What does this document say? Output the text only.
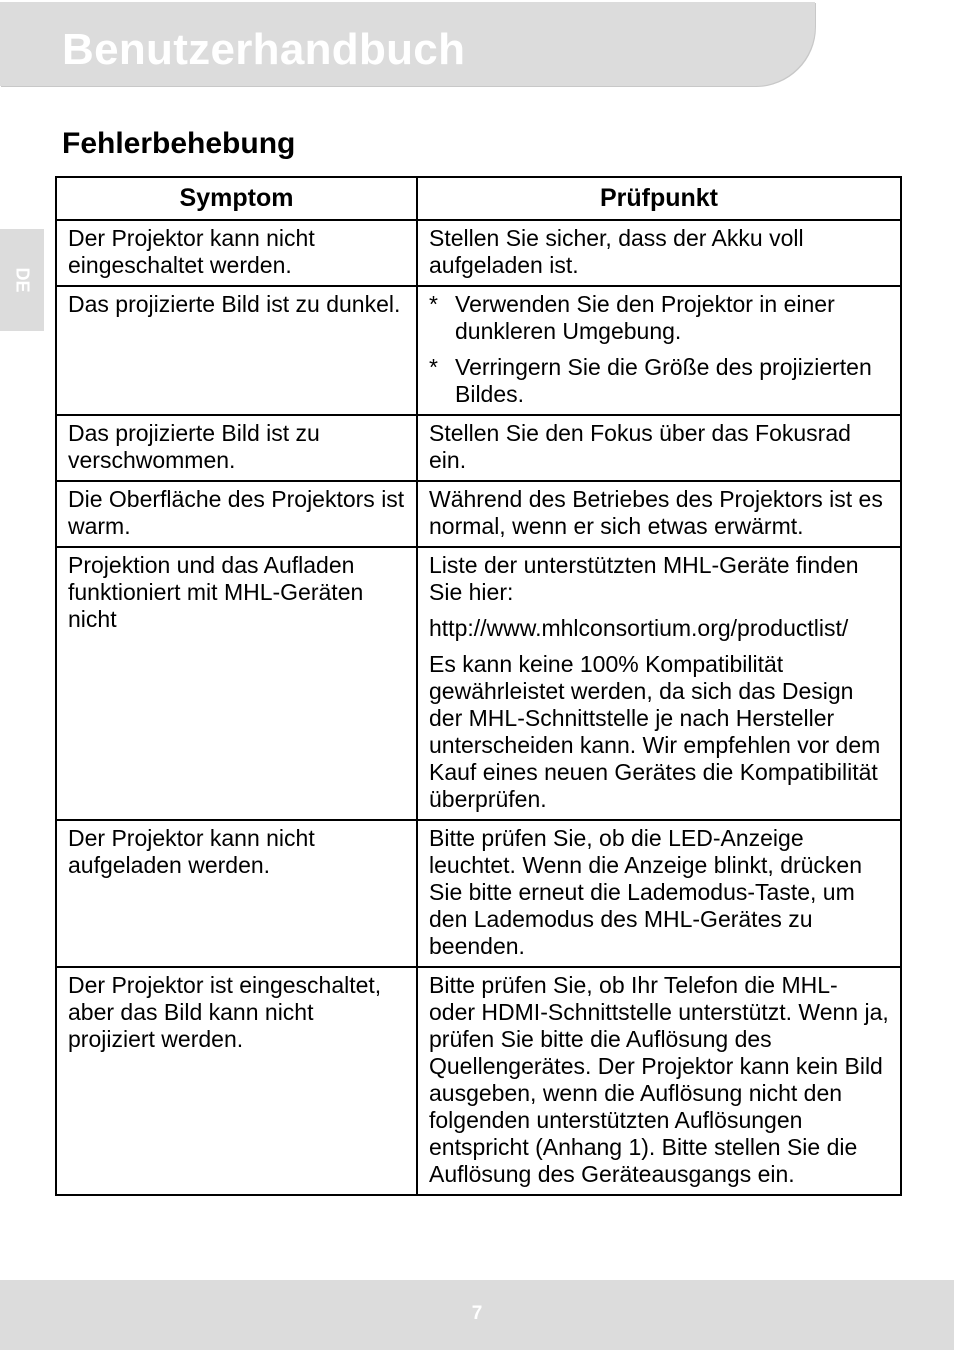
Benutzerhandbuch
DE
Fehlerbehebung
Symptom	Prüfpunkt
Der Projektor kann nicht eingeschaltet werden.	Stellen Sie sicher, dass der Akku voll aufgeladen ist.

Das projizierte Bild ist zu dunkel.	* Verwenden Sie den Projektor in einer dunkleren Umgebung.
* Verringern Sie die Größe des projizierten Bildes.

Das projizierte Bild ist zu verschwommen.	Stellen Sie den Fokus über das Fokusrad ein.

Die Oberfläche des Projektors ist warm.	Während des Betriebes des Projektors ist es normal, wenn er sich etwas erwärmt.

Projektion und das Aufladen funktioniert mit MHL-Geräten nicht	Liste der unterstützten MHL-Geräte finden Sie hier:

http://www.mhlconsortium.org/productlist/

Es kann keine 100% Kompatibilität gewährleistet werden, da sich das Design der MHL-Schnittstelle je nach Hersteller unterscheiden kann. Wir empfehlen vor dem Kauf eines neuen Gerätes die Kompatibilität überprüfen.

Der Projektor kann nicht aufgeladen werden.	Bitte prüfen Sie, ob die LED-Anzeige leuchtet. Wenn die Anzeige blinkt, drücken Sie bitte erneut die Lademodus-Taste, um den Lademodus des MHL-Gerätes zu beenden.

Der Projektor ist eingeschaltet, aber das Bild kann nicht projiziert werden.	Bitte prüfen Sie, ob Ihr Telefon die MHL- oder HDMI-Schnittstelle unterstützt. Wenn ja, prüfen Sie bitte die Auflösung des Quellengerätes. Der Projektor kann kein Bild ausgeben, wenn die Auflösung nicht den folgenden unterstützten Auflösungen entspricht (Anhang 1). Bitte stellen Sie die Auflösung des Geräteausgangs ein.

7
